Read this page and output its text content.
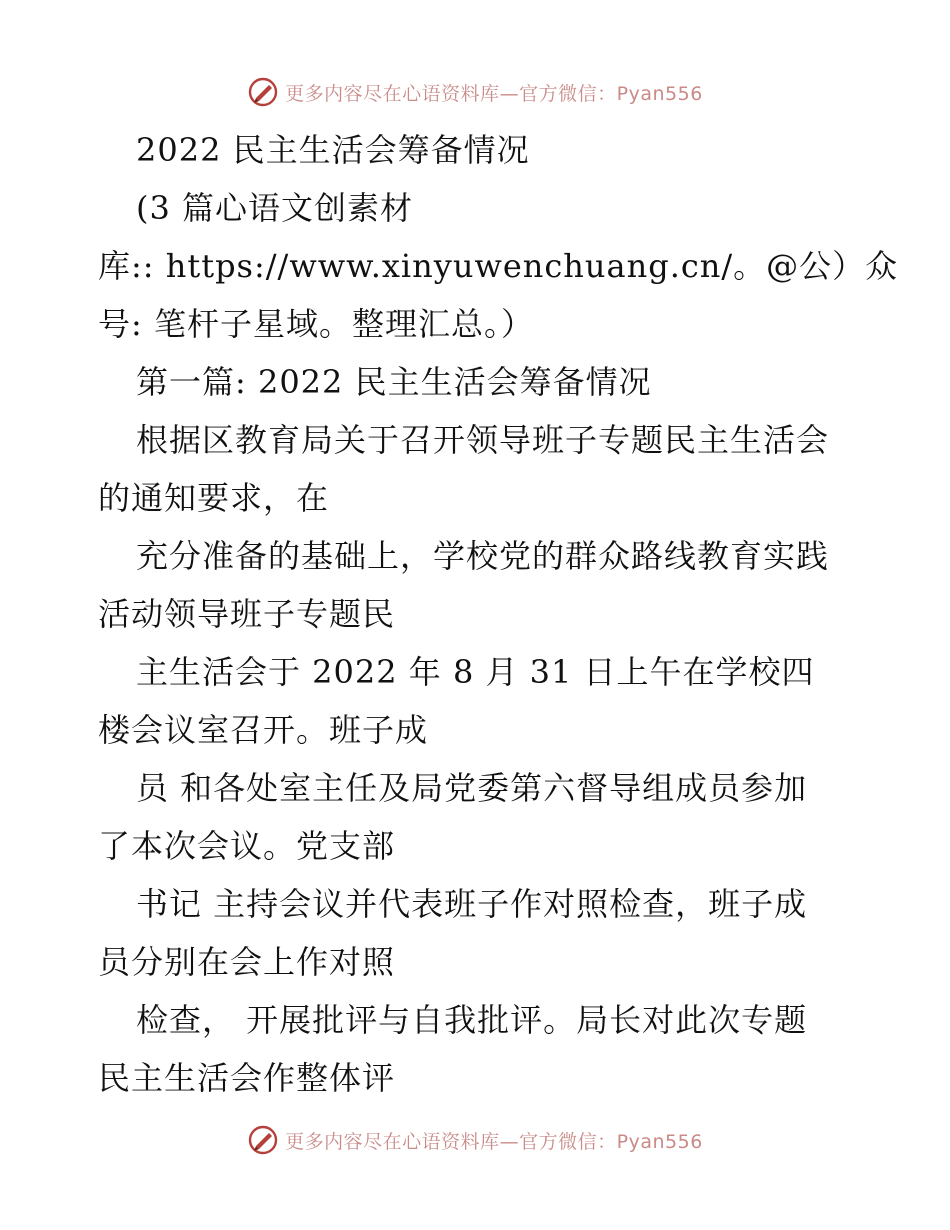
更多内容尽在心语资料库—官方微信：Pyan556
2022 民主生活会筹备情况
(3 篇心语文创素材
库:: https://www.xinyuwenchuang.cn/。@公）众
号: 笔杆子星域。整理汇总。）
第一篇: 2022 民主生活会筹备情况
根据区教育局关于召开领导班子专题民主生活会
的通知要求，在
充分准备的基础上，学校党的群众路线教育实践
活动领导班子专题民
主生活会于 2022 年 8 月 31 日上午在学校四
楼会议室召开。班子成
员 和各处室主任及局党委第六督导组成员参加
了本次会议。党支部
书记 主持会议并代表班子作对照检查，班子成
员分别在会上作对照
检查， 开展批评与自我批评。局长对此次专题
民主生活会作整体评
更多内容尽在心语资料库—官方微信：Pyan556
